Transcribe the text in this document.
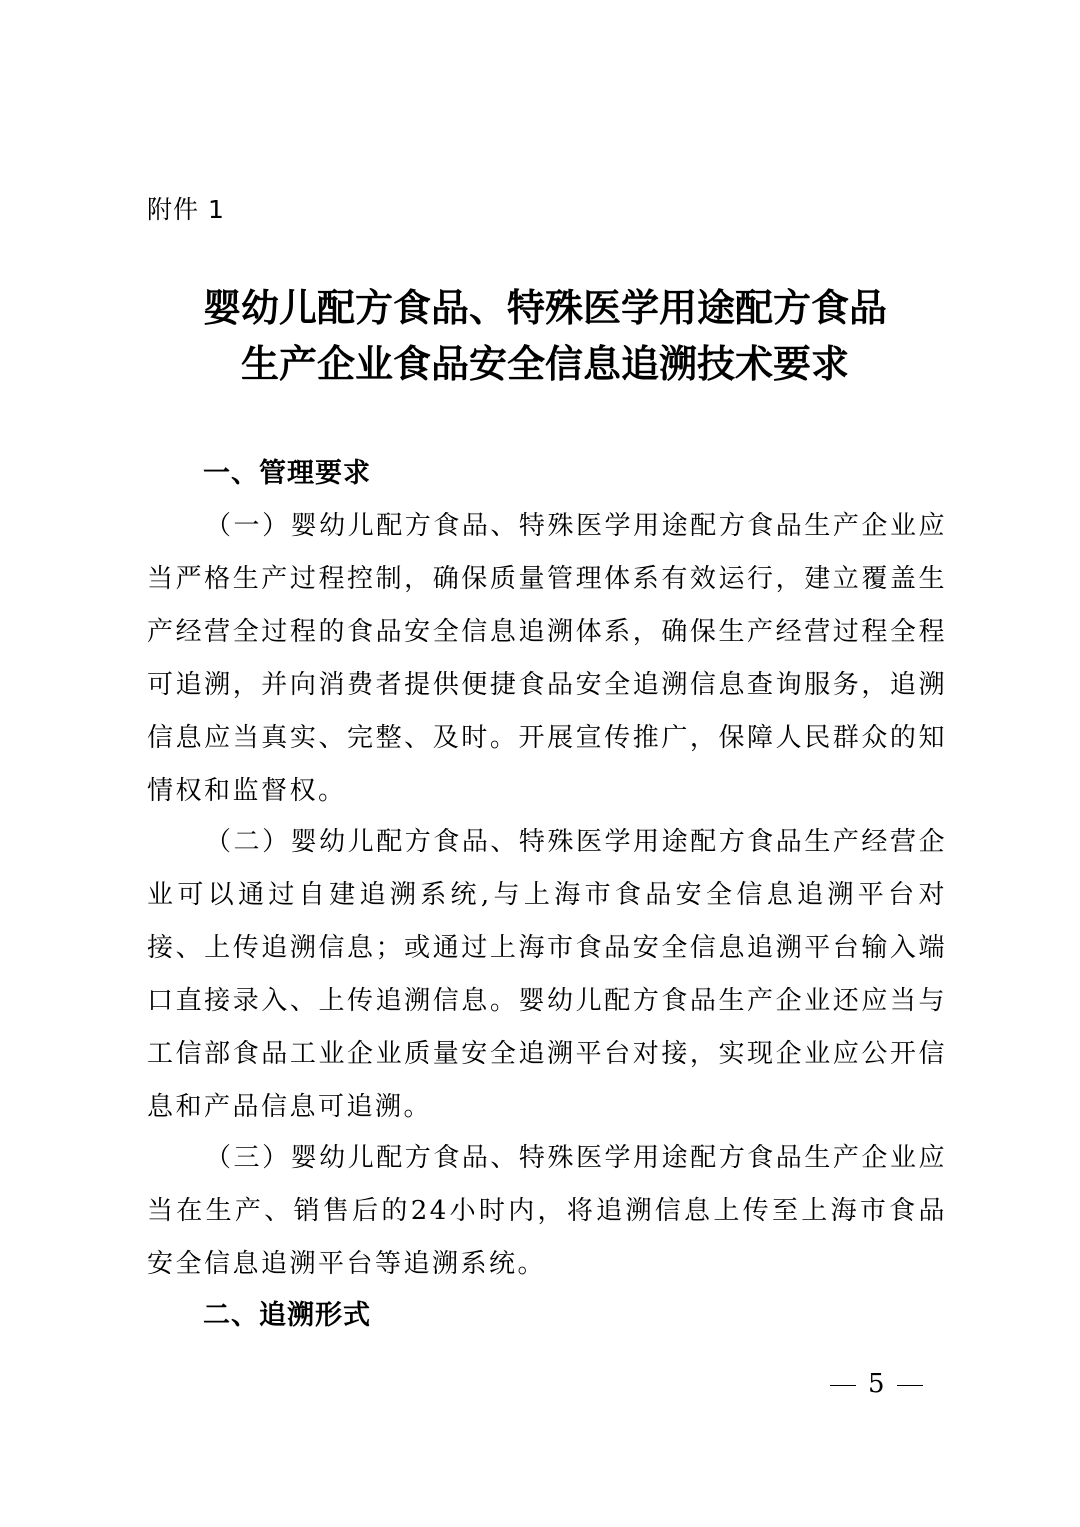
附件 1
婴幼儿配方食品、特殊医学用途配方食品
生产企业食品安全信息追溯技术要求
一、管理要求

（一）婴幼儿配方食品、特殊医学用途配方食品生产企业应当严格生产过程控制，确保质量管理体系有效运行，建立覆盖生产经营全过程的食品安全信息追溯体系，确保生产经营过程全程可追溯，并向消费者提供便捷食品安全追溯信息查询服务，追溯信息应当真实、完整、及时。开展宣传推广，保障人民群众的知情权和监督权。

（二）婴幼儿配方食品、特殊医学用途配方食品生产经营企业可以通过自建追溯系统,与上海市食品安全信息追溯平台对接、上传追溯信息；或通过上海市食品安全信息追溯平台输入端口直接录入、上传追溯信息。婴幼儿配方食品生产企业还应当与工信部食品工业企业质量安全追溯平台对接，实现企业应公开信息和产品信息可追溯。

（三）婴幼儿配方食品、特殊医学用途配方食品生产企业应当在生产、销售后的24小时内，将追溯信息上传至上海市食品安全信息追溯平台等追溯系统。

二、追溯形式
5
